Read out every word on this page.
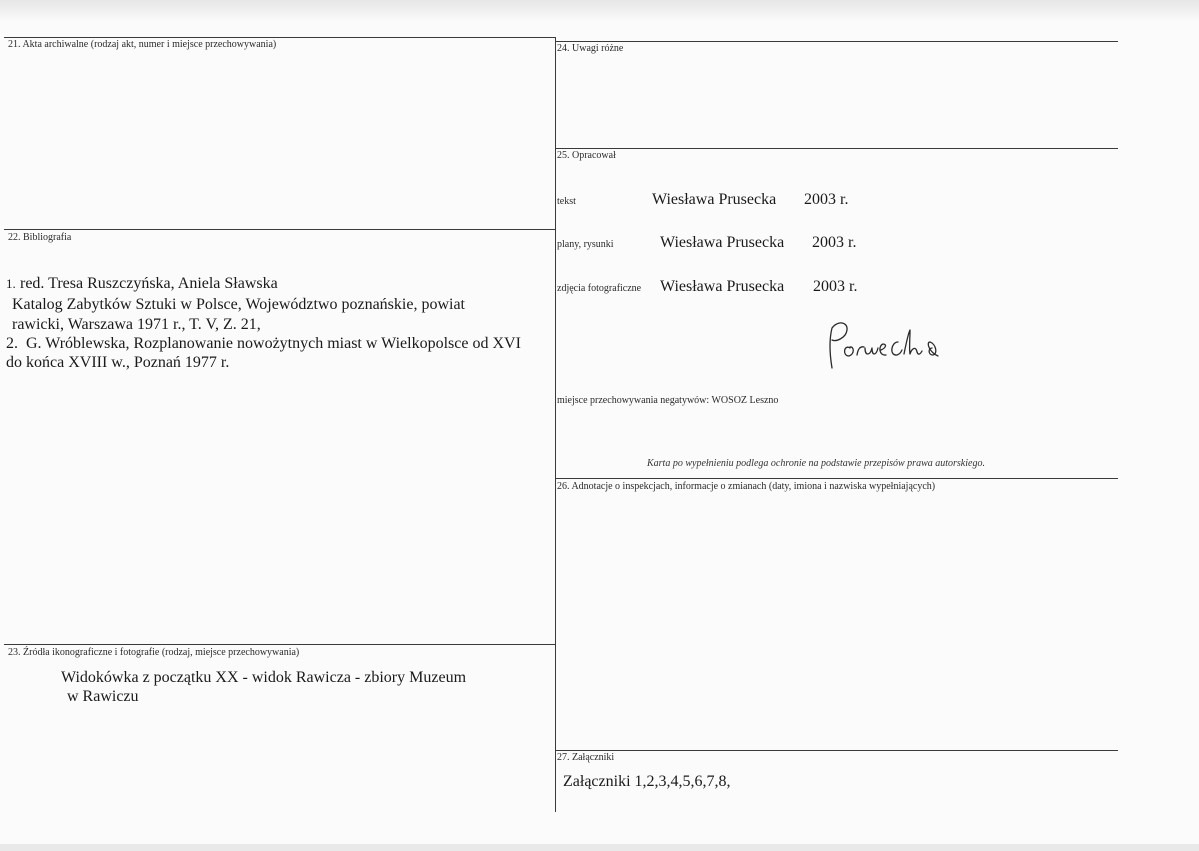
21. Akta archiwalne (rodzaj akt, numer i miejsce przechowywania)
22. Bibliografia
1. red. Tresa Ruszczyńska, Aniela Sławska
Katalog Zabytków Sztuki w Polsce, Województwo poznańskie, powiat
rawicki, Warszawa 1971 r., T. V, Z. 21,
2. G. Wróblewska, Rozplanowanie nowożytnych miast w Wielkopolsce od XVI
do końca XVIII w., Poznań 1977 r.
23. Źródła ikonograficzne i fotografie (rodzaj, miejsce przechowywania)
Widokówka z początku XX - widok Rawicza - zbiory Muzeum
w Rawiczu
24. Uwagi różne
25. Opracował
tekst	Wiesława Prusecka 2003 r.
plany, rysunki	Wiesława Prusecka 2003 r.
zdjęcia fotograficzne Wiesława Prusecka 2003 r.
miejsce przechowywania negatywów: WOSOZ Leszno
Karta po wypełnieniu podlega ochronie na podstawie przepisów prawa autorskiego.
26. Adnotacje o inspekcjach, informacje o zmianach (daty, imiona i nazwiska wypełniających)
27. Załączniki
Załączniki 1,2,3,4,5,6,7,8,
